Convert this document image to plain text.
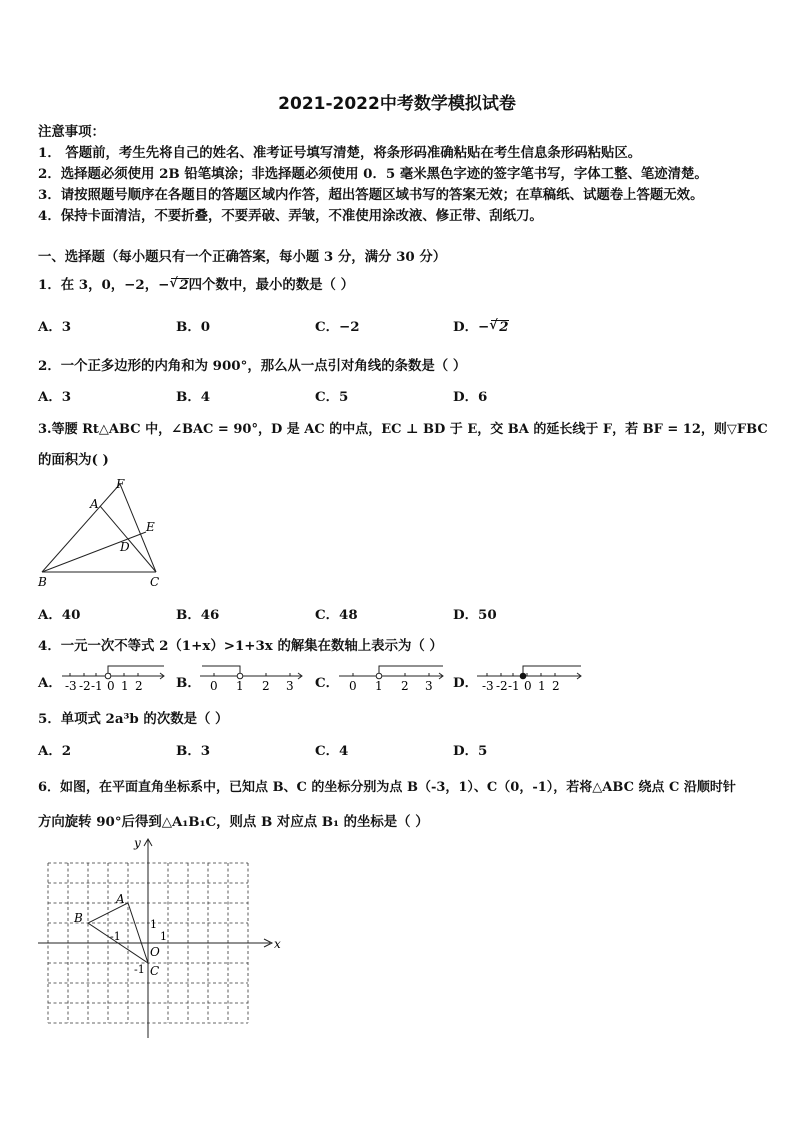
2021-2022中考数学模拟试卷
注意事项：
1． 答题前，考生先将自己的姓名、准考证号填写清楚，将条形码准确粘贴在考生信息条形码粘贴区。
2．选择题必须使用 2B 铅笔填涂；非选择题必须使用 0．5 毫米黑色字迹的签字笔书写，字体工整、笔迹清楚。
3．请按照题号顺序在各题目的答题区域内作答，超出答题区域书写的答案无效；在草稿纸、试题卷上答题无效。
4．保持卡面清洁，不要折叠，不要弄破、弄皱，不准使用涂改液、修正带、刮纸刀。
一、选择题（每小题只有一个正确答案，每小题 3 分，满分 30 分）
1．在 3，0，−2，− √ 2四个数中，最小的数是（ ）
A．3	B．0	C．−2	D．− √ 2
2．一个正多边形的内角和为 900°，那么从一点引对角线的条数是（ ）
A．3	B．4	C．5	D．6
3.等腰 Rt△ABC 中，∠BAC = 90°，D 是 AC 的中点，EC ⊥ BD 于 E，交 BA 的延长线于 F，若 BF = 12，则▽FBC
的面积为( )
F
A
E
D
B	C
A．40	B．46	C．48	D．50
4．一元一次不等式 2（1+x）>1+3x 的解集在数轴上表示为（ ）
A． -3 -2-1 0 1 2 B． 0 1 2 3 C． 0 1 2 3 D． -3 -2-1 0 1 2
5．单项式 2a³b 的次数是（ ）
A．2	B．3	C．4	D．5
6．如图，在平面直角坐标系中，已知点 B、C 的坐标分别为点 B（-3，1）、C（0，-1），若将△ABC 绕点 C 沿顺时针
方向旋转 90°后得到△A₁B₁C，则点 B 对应点 B₁ 的坐标是（ ）
x
y
O
A
B
C
1
1
-1
-1
